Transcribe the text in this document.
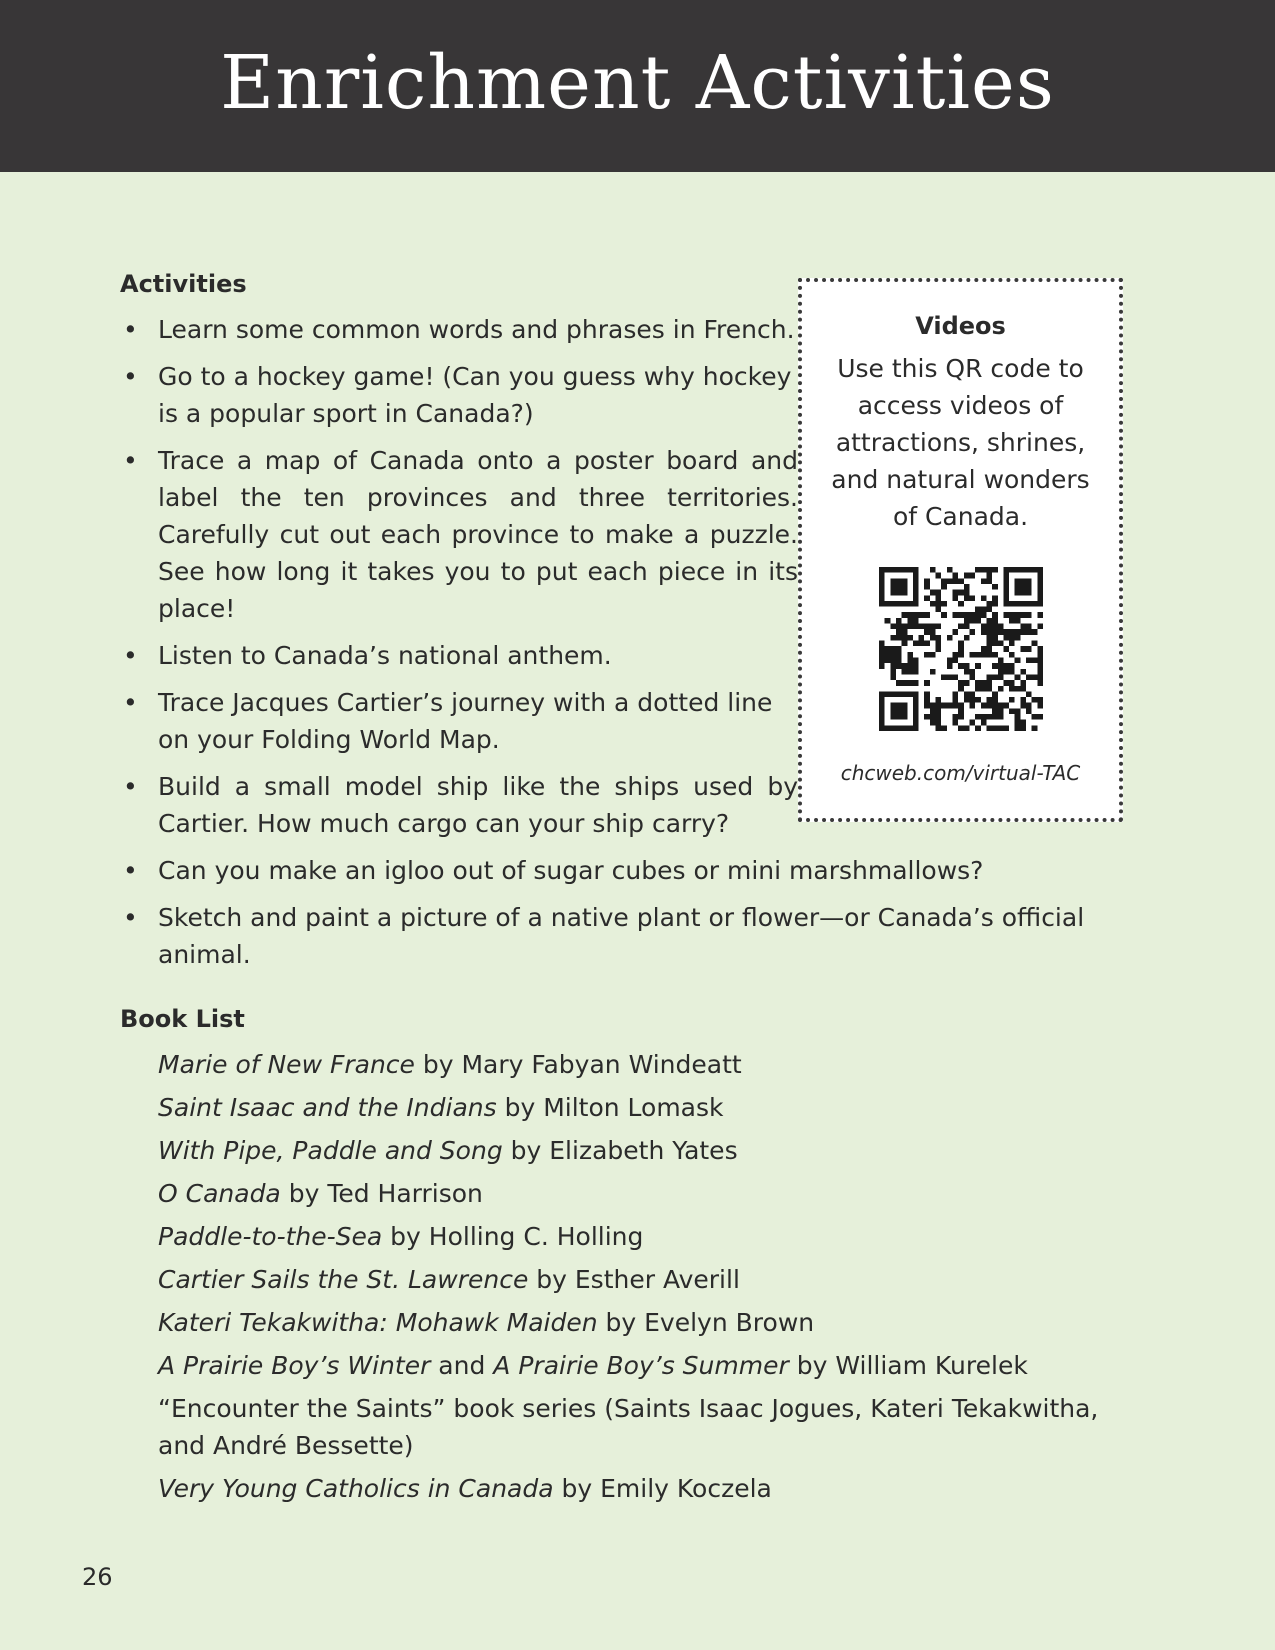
Enrichment Activities
Activities
• Learn some common words and phrases in French.
• Go to a hockey game! (Can you guess why hockey is a popular sport in Canada?)
• Trace a map of Canada onto a poster board and label the ten provinces and three territories. Carefully cut out each province to make a puzzle. See how long it takes you to put each piece in its place!
• Listen to Canada’s national anthem.
• Trace Jacques Cartier’s journey with a dotted line on your Folding World Map.
• Build a small model ship like the ships used by Cartier. How much cargo can your ship carry?
• Can you make an igloo out of sugar cubes or mini marshmallows?
• Sketch and paint a picture of a native plant or flower—or Canada’s official animal.
Book List
Marie of New France by Mary Fabyan Windeatt
Saint Isaac and the Indians by Milton Lomask
With Pipe, Paddle and Song by Elizabeth Yates
O Canada by Ted Harrison
Paddle-to-the-Sea by Holling C. Holling
Cartier Sails the St. Lawrence by Esther Averill
Kateri Tekakwitha: Mohawk Maiden by Evelyn Brown
A Prairie Boy’s Winter and A Prairie Boy’s Summer by William Kurelek
“Encounter the Saints” book series (Saints Isaac Jogues, Kateri Tekakwitha, and André Bessette)
Very Young Catholics in Canada by Emily Koczela
Videos
Use this QR code to access videos of attractions, shrines, and natural wonders of Canada.
chcweb.com/virtual-TAC
26
